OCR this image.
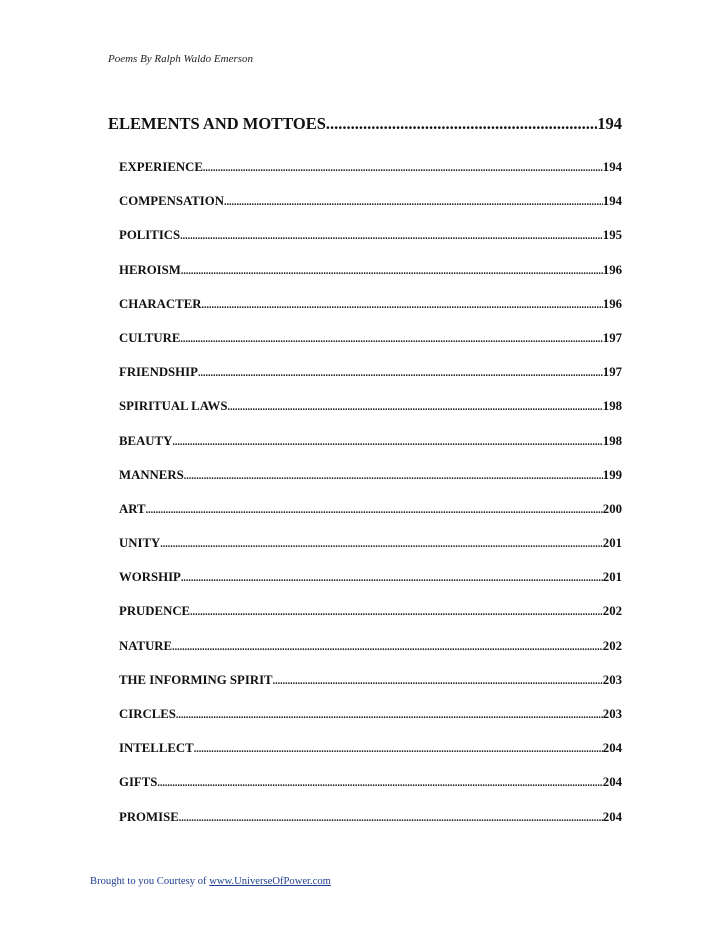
Poems By Ralph Waldo Emerson
ELEMENTS AND MOTTOES .....	194
EXPERIENCE .....	194
COMPENSATION .....	194
POLITICS .....	195
HEROISM .....	196
CHARACTER .....	196
CULTURE .....	197
FRIENDSHIP .....	197
SPIRITUAL LAWS .....	198
BEAUTY .....	198
MANNERS .....	199
ART .....	200
UNITY .....	201
WORSHIP .....	201
PRUDENCE .....	202
NATURE .....	202
THE INFORMING SPIRIT .....	203
CIRCLES .....	203
INTELLECT .....	204
GIFTS .....	204
PROMISE .....	204
Brought to you Courtesy of www.UniverseOfPower.com
